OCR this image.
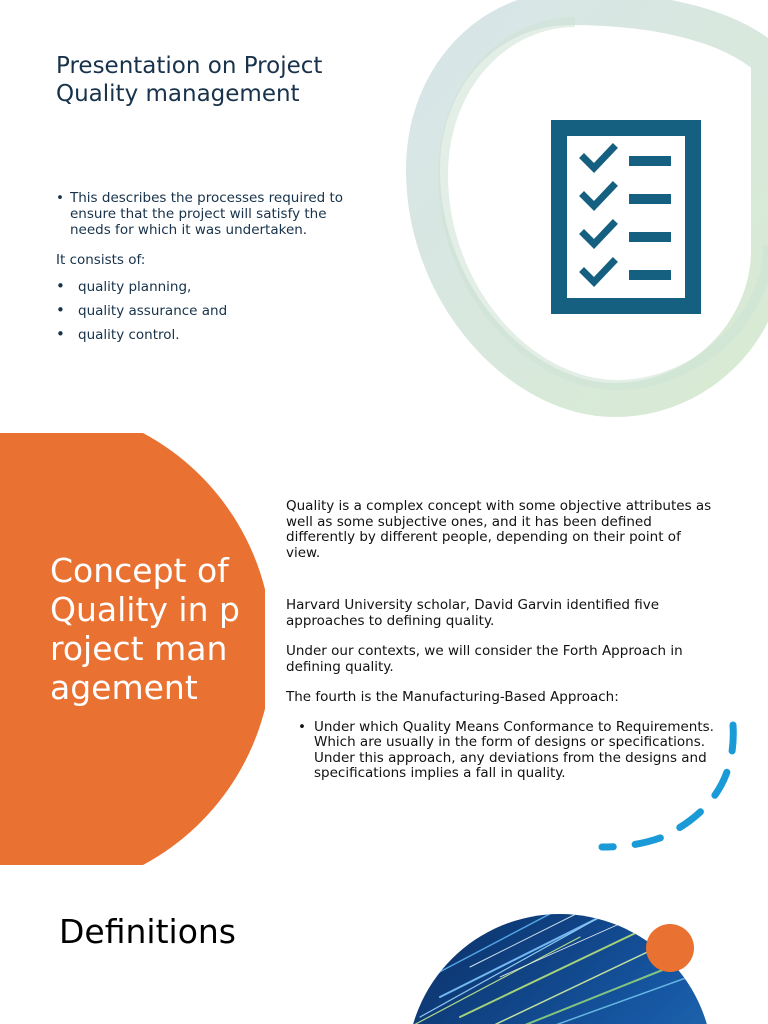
Presentation on Project Quality management

• This describes the processes required to ensure that the project will satisfy the needs for which it was undertaken.

It consists of:

• quality planning,
• quality assurance and
• quality control.
Concept of Quality in project management

Quality is a complex concept with some objective attributes as well as some subjective ones, and it has been defined differently by different people, depending on their point of view.

Harvard University scholar, David Garvin identified five approaches to defining quality.

Under our contexts, we will consider the Forth Approach in defining quality.

The fourth is the Manufacturing-Based Approach:

• Under which Quality Means Conformance to Requirements. Which are usually in the form of designs or specifications. Under this approach, any deviations from the designs and specifications implies a fall in quality.

Definitions
